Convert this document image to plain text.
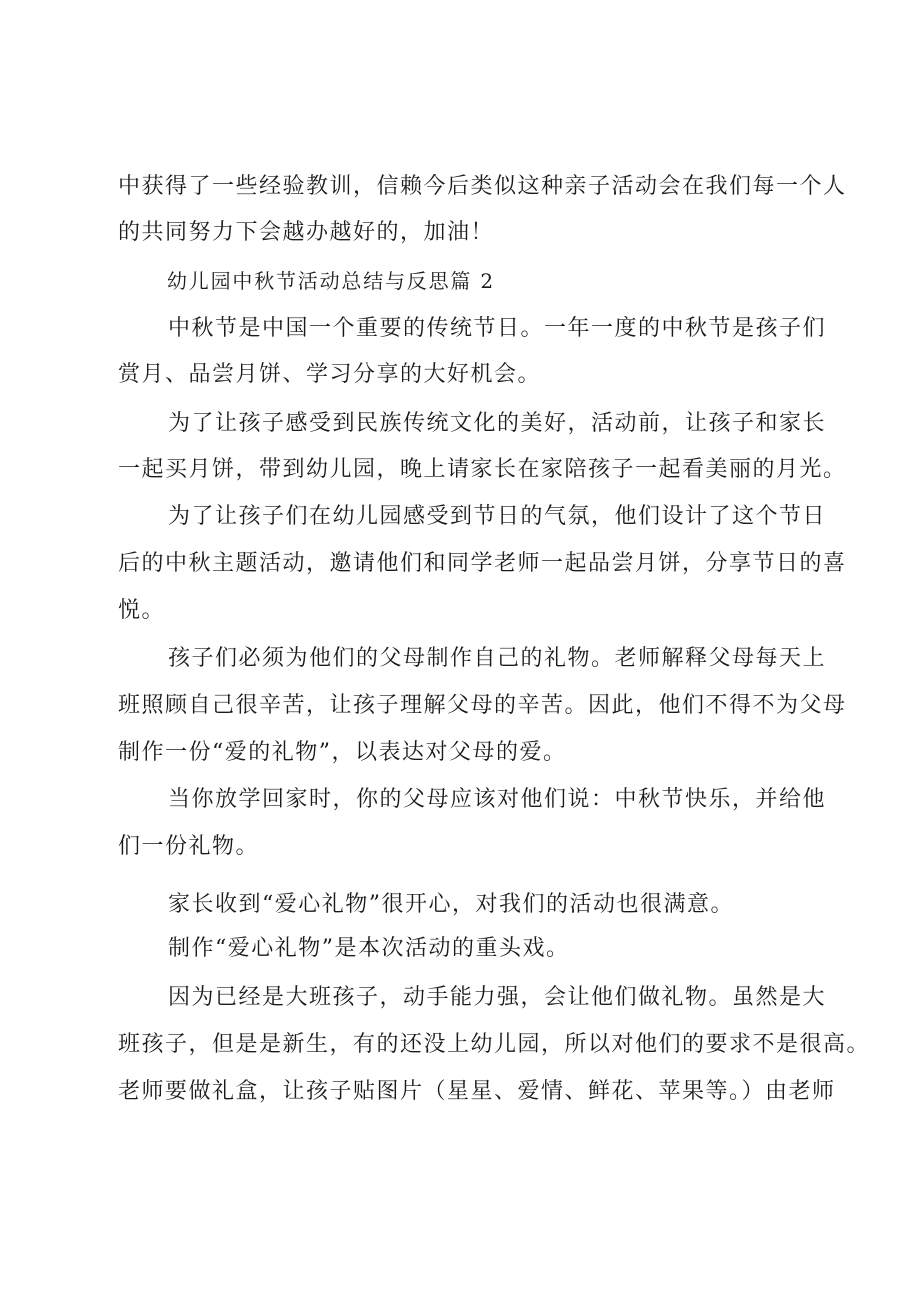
中获得了一些经验教训，信赖今后类似这种亲子活动会在我们每一个人
的共同努力下会越办越好的，加油！
幼儿园中秋节活动总结与反思篇 2
中秋节是中国一个重要的传统节日。一年一度的中秋节是孩子们
赏月、品尝月饼、学习分享的大好机会。
为了让孩子感受到民族传统文化的美好，活动前，让孩子和家长
一起买月饼，带到幼儿园，晚上请家长在家陪孩子一起看美丽的月光。
为了让孩子们在幼儿园感受到节日的气氛，他们设计了这个节日
后的中秋主题活动，邀请他们和同学老师一起品尝月饼，分享节日的喜
悦。
孩子们必须为他们的父母制作自己的礼物。老师解释父母每天上
班照顾自己很辛苦，让孩子理解父母的辛苦。因此，他们不得不为父母
制作一份“爱的礼物”，以表达对父母的爱。
当你放学回家时，你的父母应该对他们说：中秋节快乐，并给他
们一份礼物。
家长收到“爱心礼物”很开心，对我们的活动也很满意。
制作“爱心礼物”是本次活动的重头戏。
因为已经是大班孩子，动手能力强，会让他们做礼物。虽然是大
班孩子，但是是新生，有的还没上幼儿园，所以对他们的要求不是很高。
老师要做礼盒，让孩子贴图片（星星、爱情、鲜花、苹果等。）由老师
